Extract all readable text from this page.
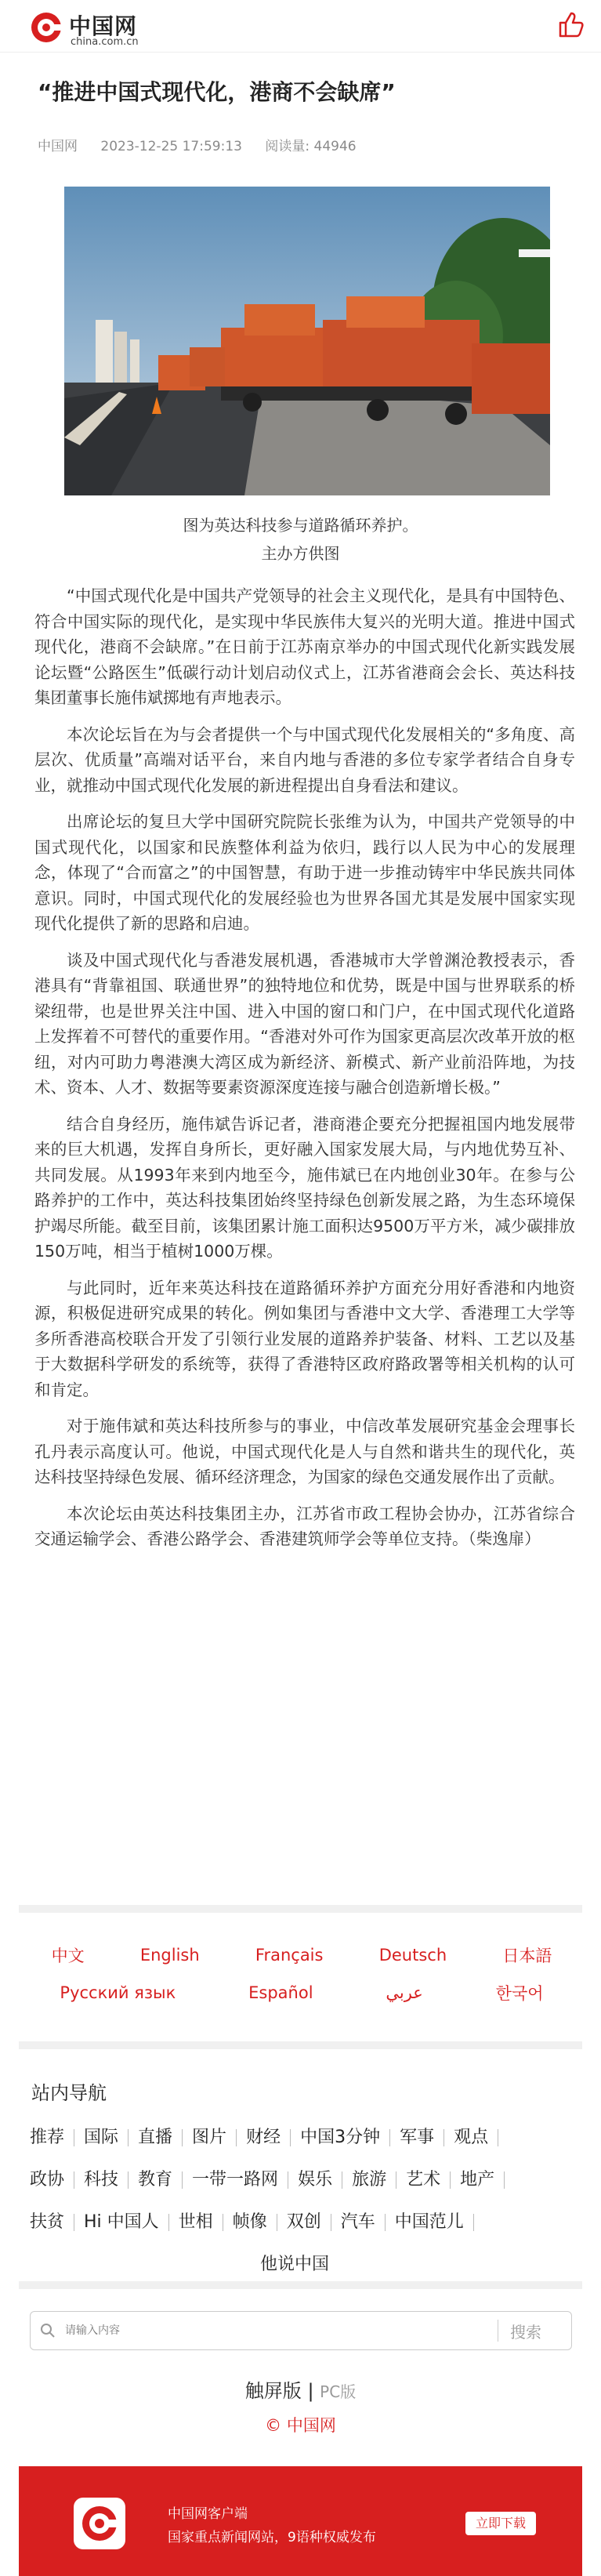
中国网
china.com.cn
“推进中国式现代化，港商不会缺席”
中国网 2023-12-25 17:59:13 阅读量: 44946
图为英达科技参与道路循环养护。
主办方供图

“中国式现代化是中国共产党领导的社会主义现代化，是具有中国特色、符合中国实际的现代化，是实现中华民族伟大复兴的光明大道。推进中国式现代化，港商不会缺席。”在日前于江苏南京举办的中国式现代化新实践发展论坛暨“公路医生”低碳行动计划启动仪式上，江苏省港商会会长、英达科技集团董事长施伟斌掷地有声地表示。

本次论坛旨在为与会者提供一个与中国式现代化发展相关的“多角度、高层次、优质量”高端对话平台，来自内地与香港的多位专家学者结合自身专业，就推动中国式现代化发展的新进程提出自身看法和建议。

出席论坛的复旦大学中国研究院院长张维为认为，中国共产党领导的中国式现代化，以国家和民族整体利益为依归，践行以人民为中心的发展理念，体现了“合而富之”的中国智慧，有助于进一步推动铸牢中华民族共同体意识。同时，中国式现代化的发展经验也为世界各国尤其是发展中国家实现现代化提供了新的思路和启迪。

谈及中国式现代化与香港发展机遇，香港城市大学曾渊沧教授表示，香港具有“背靠祖国、联通世界”的独特地位和优势，既是中国与世界联系的桥梁纽带，也是世界关注中国、进入中国的窗口和门户，在中国式现代化道路上发挥着不可替代的重要作用。“香港对外可作为国家更高层次改革开放的枢纽，对内可助力粤港澳大湾区成为新经济、新模式、新产业前沿阵地，为技术、资本、人才、数据等要素资源深度连接与融合创造新增长极。”

结合自身经历，施伟斌告诉记者，港商港企要充分把握祖国内地发展带来的巨大机遇，发挥自身所长，更好融入国家发展大局，与内地优势互补、共同发展。从1993年来到内地至今，施伟斌已在内地创业30年。在参与公路养护的工作中，英达科技集团始终坚持绿色创新发展之路，为生态环境保护竭尽所能。截至目前，该集团累计施工面积达9500万平方米，减少碳排放150万吨，相当于植树1000万棵。

与此同时，近年来英达科技在道路循环养护方面充分用好香港和内地资源，积极促进研究成果的转化。例如集团与香港中文大学、香港理工大学等多所香港高校联合开发了引领行业发展的道路养护装备、材料、工艺以及基于大数据科学研发的系统等，获得了香港特区政府路政署等相关机构的认可和肯定。

对于施伟斌和英达科技所参与的事业，中信改革发展研究基金会理事长孔丹表示高度认可。他说，中国式现代化是人与自然和谐共生的现代化，英达科技坚持绿色发展、循环经济理念，为国家的绿色交通发展作出了贡献。

本次论坛由英达科技集团主办，江苏省市政工程协会协办，江苏省综合交通运输学会、香港公路学会、香港建筑师学会等单位支持。（柴逸扉）

中文	English	Français	Deutsch	日本語
Русский язык	Español	عربي	한국어
站内导航
推荐	国际	直播	图片	财经	中国3分钟	军事	观点
政协	科技	教育	一带一路网	娱乐	旅游	艺术	地产
扶贫	Hi 中国人	世相	帧像	双创	汽车	中国范儿
他说中国
请输入内容
搜索
触屏版 | PC版
© 中国网
中国网客户端
国家重点新闻网站，9语种权威发布
立即下载
